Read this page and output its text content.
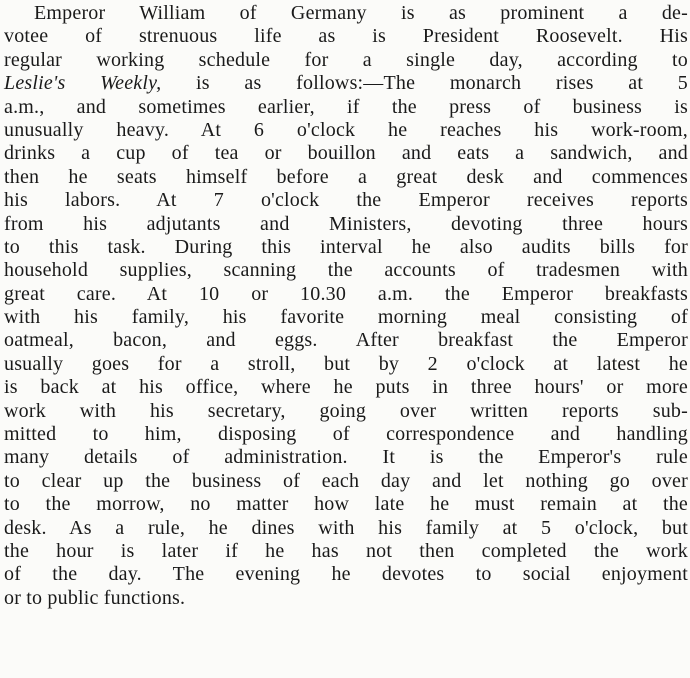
Emperor William of Germany is as prominent a de-
votee of strenuous life as is President Roosevelt. His
regular working schedule for a single day, according to
Leslie's Weekly, is as follows:—The monarch rises at 5
a.m., and sometimes earlier, if the press of business is
unusually heavy. At 6 o'clock he reaches his work-room,
drinks a cup of tea or bouillon and eats a sandwich, and
then he seats himself before a great desk and commences
his labors. At 7 o'clock the Emperor receives reports
from his adjutants and Ministers, devoting three hours
to this task. During this interval he also audits bills for
household supplies, scanning the accounts of tradesmen with
great care. At 10 or 10.30 a.m. the Emperor breakfasts
with his family, his favorite morning meal consisting of
oatmeal, bacon, and eggs. After breakfast the Emperor
usually goes for a stroll, but by 2 o'clock at latest he
is back at his office, where he puts in three hours' or more
work with his secretary, going over written reports sub-
mitted to him, disposing of correspondence and handling
many details of administration. It is the Emperor's rule
to clear up the business of each day and let nothing go over
to the morrow, no matter how late he must remain at the
desk. As a rule, he dines with his family at 5 o'clock, but
the hour is later if he has not then completed the work
of the day. The evening he devotes to social enjoyment
or to public functions.
